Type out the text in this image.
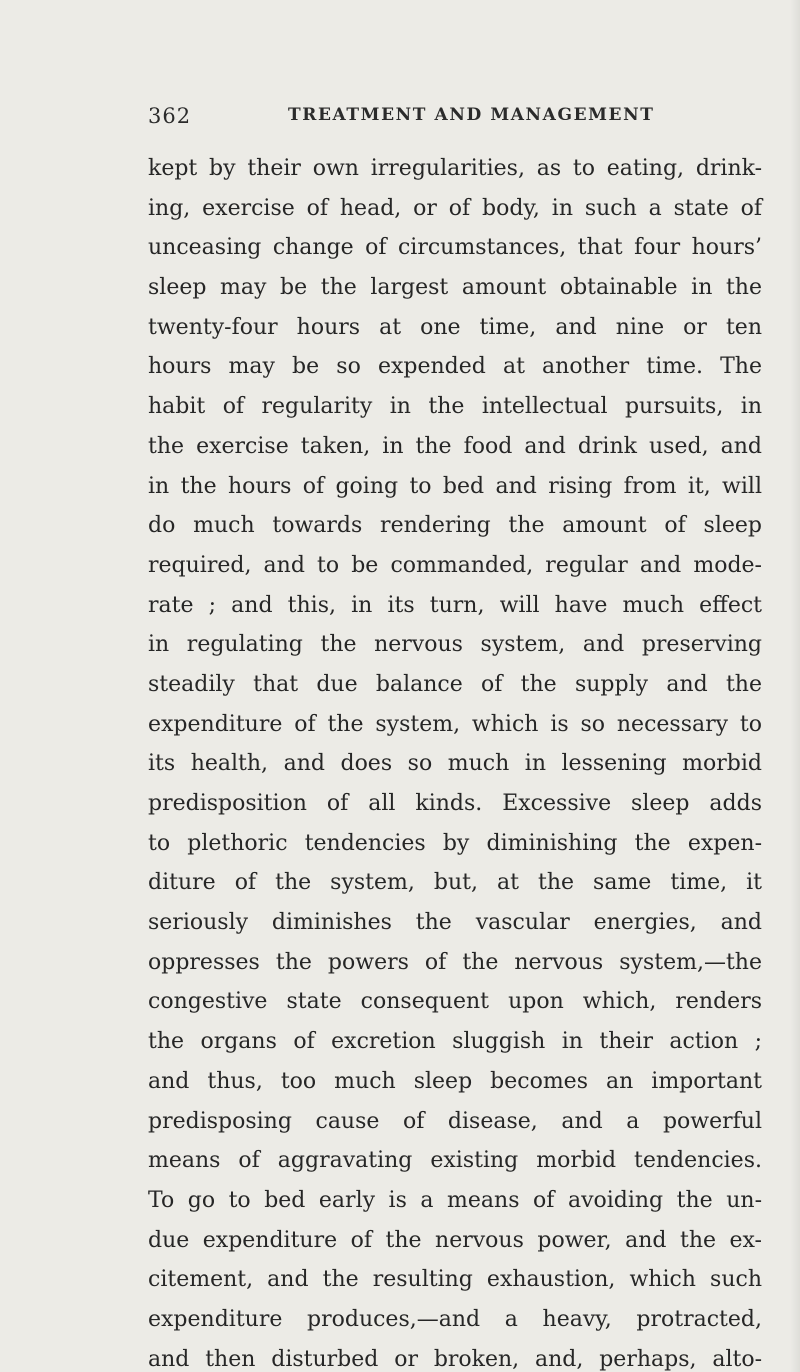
362	TREATMENT AND MANAGEMENT
kept by their own irregularities, as to eating, drink-
ing, exercise of head, or of body, in such a state of
unceasing change of circumstances, that four hours’
sleep may be the largest amount obtainable in the
twenty-four hours at one time, and nine or ten
hours may be so expended at another time. The
habit of regularity in the intellectual pursuits, in
the exercise taken, in the food and drink used, and
in the hours of going to bed and rising from it, will
do much towards rendering the amount of sleep
required, and to be commanded, regular and mode-
rate ; and this, in its turn, will have much effect
in regulating the nervous system, and preserving
steadily that due balance of the supply and the
expenditure of the system, which is so necessary to
its health, and does so much in lessening morbid
predisposition of all kinds. Excessive sleep adds
to plethoric tendencies by diminishing the expen-
diture of the system, but, at the same time, it
seriously diminishes the vascular energies, and
oppresses the powers of the nervous system,—the
congestive state consequent upon which, renders
the organs of excretion sluggish in their action ;
and thus, too much sleep becomes an important
predisposing cause of disease, and a powerful
means of aggravating existing morbid tendencies.
To go to bed early is a means of avoiding the un-
due expenditure of the nervous power, and the ex-
citement, and the resulting exhaustion, which such
expenditure produces,—and a heavy, protracted,
and then disturbed or broken, and, perhaps, alto-
